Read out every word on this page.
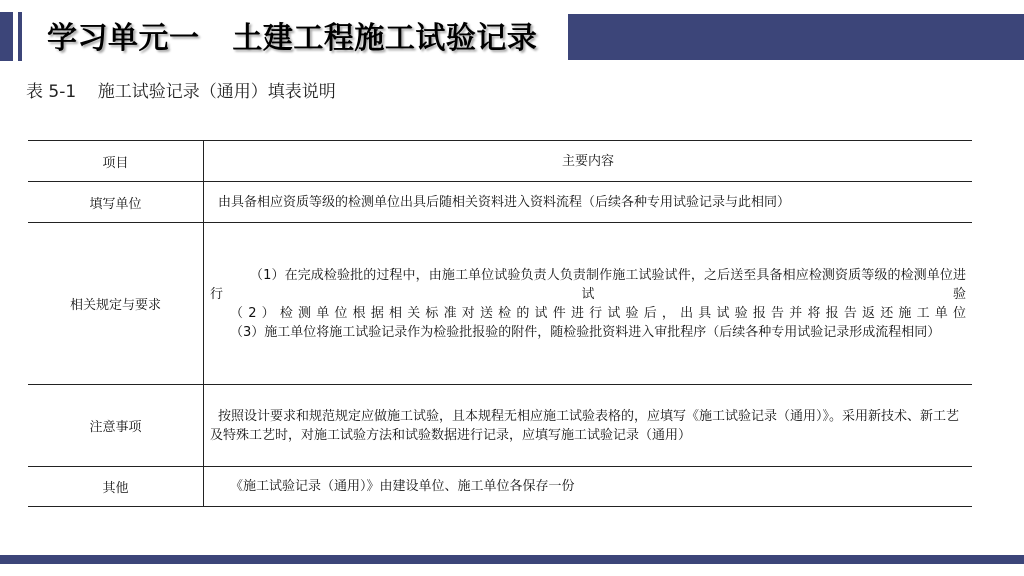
学习单元一 土建工程施工试验记录
表 5-1 施工试验记录（通用）填表说明
项目	主要内容
填写单位	由具备相应资质等级的检测单位出具后随相关资料进入资料流程（后续各种专用试验记录与此相同）

相关规定与要求	（1）在完成检验批的过程中，由施工单位试验负责人负责制作施工试验试件，之后送至具备相应检测资质等级的检测单位进行试验

（2）检测单位根据相关标准对送检的试件进行试验后，出具试验报告并将报告返还施工单位

（3）施工单位将施工试验记录作为检验批报验的附件，随检验批资料进入审批程序（后续各种专用试验记录形成流程相同）

注意事项	按照设计要求和规范规定应做施工试验，且本规程无相应施工试验表格的，应填写《施工试验记录（通用）》。采用新技术、新工艺及特殊工艺时，对施工试验方法和试验数据进行记录，应填写施工试验记录（通用）

其他	《施工试验记录（通用）》由建设单位、施工单位各保存一份
